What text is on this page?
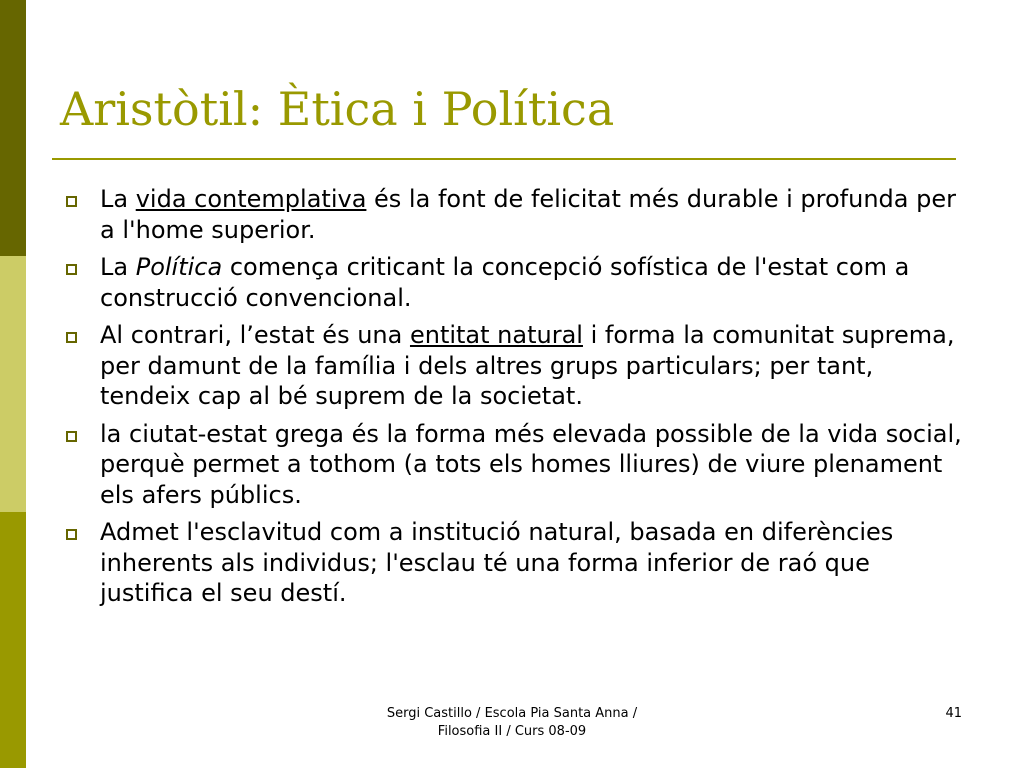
Aristòtil: Ètica i Política
La vida contemplativa és la font de felicitat més durable i profunda per a l'home superior.
La Política comença criticant la concepció sofística de l'estat com a construcció convencional.
Al contrari, l’estat és una entitat natural i forma la comunitat suprema, per damunt de la família i dels altres grups particulars; per tant, tendeix cap al bé suprem de la societat.
la ciutat-estat grega és la forma més elevada possible de la vida social, perquè permet a tothom (a tots els homes lliures) de viure plenament els afers públics.
Admet l'esclavitud com a institució natural, basada en diferències inherents als individus; l'esclau té una forma inferior de raó que justifica el seu destí.
Sergi Castillo / Escola Pia Santa Anna /
Filosofia II / Curs 08-09
41
